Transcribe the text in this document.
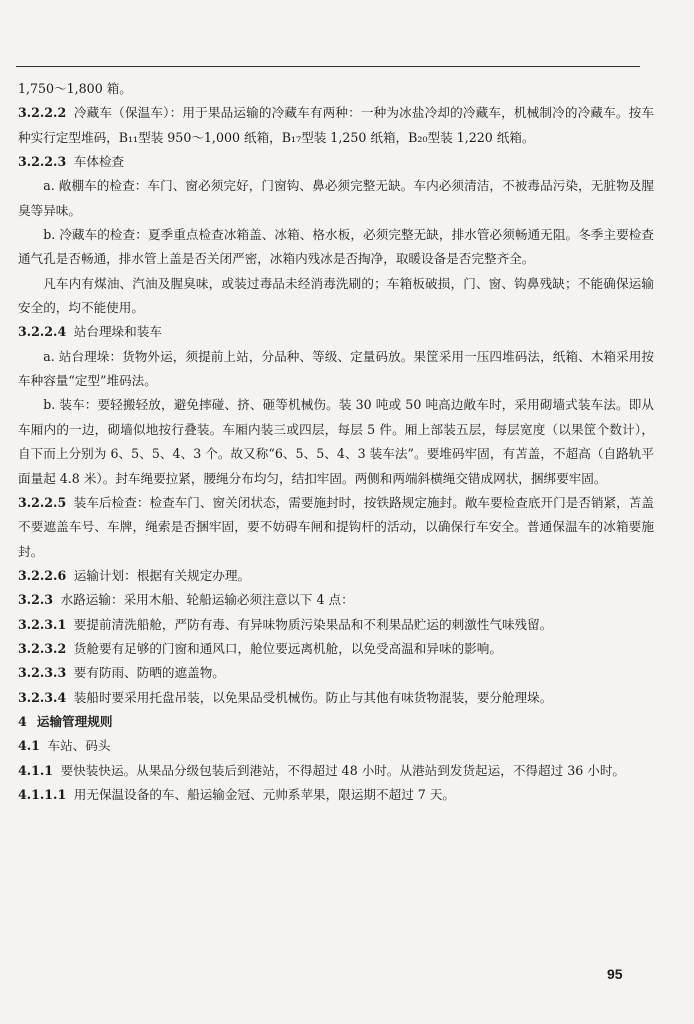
1,750～1,800 箱。

3.2.2.2 冷藏车（保温车）：用于果品运输的冷藏车有两种：一种为冰盐冷却的冷藏车，机械制冷的冷藏车。按车种实行定型堆码，B₁₁型装 950～1,000 纸箱，B₁₇型装 1,250 纸箱，B₂₀型装 1,220 纸箱。

3.2.2.3 车体检查

a. 敞棚车的检查：车门、窗必须完好，门窗钩、鼻必须完整无缺。车内必须清洁，不被毒品污染，无脏物及腥臭等异味。

b. 冷藏车的检查：夏季重点检查冰箱盖、冰箱、格水板，必须完整无缺，排水管必须畅通无阻。冬季主要检查通气孔是否畅通，排水管上盖是否关闭严密，冰箱内残冰是否掏净，取暖设备是否完整齐全。

凡车内有煤油、汽油及腥臭味，或装过毒品未经消毒洗刷的；车箱板破损，门、窗、钩鼻残缺；不能确保运输安全的，均不能使用。

3.2.2.4 站台理垛和装车

a. 站台理垛：货物外运，须提前上站，分品种、等级、定量码放。果筐采用一压四堆码法，纸箱、木箱采用按车种容量“定型”堆码法。

b. 装车：要轻搬轻放，避免摔碰、挤、砸等机械伤。装 30 吨或 50 吨高边敞车时，采用砌墙式装车法。即从车厢内的一边，砌墙似地按行叠装。车厢内装三或四层，每层 5 件。厢上部装五层，每层宽度（以果筐个数计），自下而上分别为 6、5、5、4、3 个。故又称“6、5、5、4、3 装车法”。要堆码牢固，有苫盖，不超高（自路轨平面量起 4.8 米）。封车绳要拉紧，腰绳分布均匀，结扣牢固。两侧和两端斜横绳交错成网状，捆绑要牢固。

3.2.2.5 装车后检查：检查车门、窗关闭状态，需要施封时，按铁路规定施封。敞车要检查底开门是否销紧，苫盖不要遮盖车号、车牌，绳索是否捆牢固，要不妨碍车闸和提钩杆的活动，以确保行车安全。普通保温车的冰箱要施封。

3.2.2.6 运输计划：根据有关规定办理。

3.2.3 水路运输：采用木船、轮船运输必须注意以下 4 点：

3.2.3.1 要提前清洗船舱，严防有毒、有异味物质污染果品和不利果品贮运的刺激性气味残留。

3.2.3.2 货舱要有足够的门窗和通风口，舱位要远离机舱，以免受高温和异味的影响。

3.2.3.3 要有防雨、防晒的遮盖物。

3.2.3.4 装船时要采用托盘吊装，以免果品受机械伤。防止与其他有味货物混装，要分舱理垛。

4 运输管理规则

4.1 车站、码头

4.1.1 要快装快运。从果品分级包装后到港站，不得超过 48 小时。从港站到发货起运，不得超过 36 小时。

4.1.1.1 用无保温设备的车、船运输金冠、元帅系苹果，限运期不超过 7 天。

95
